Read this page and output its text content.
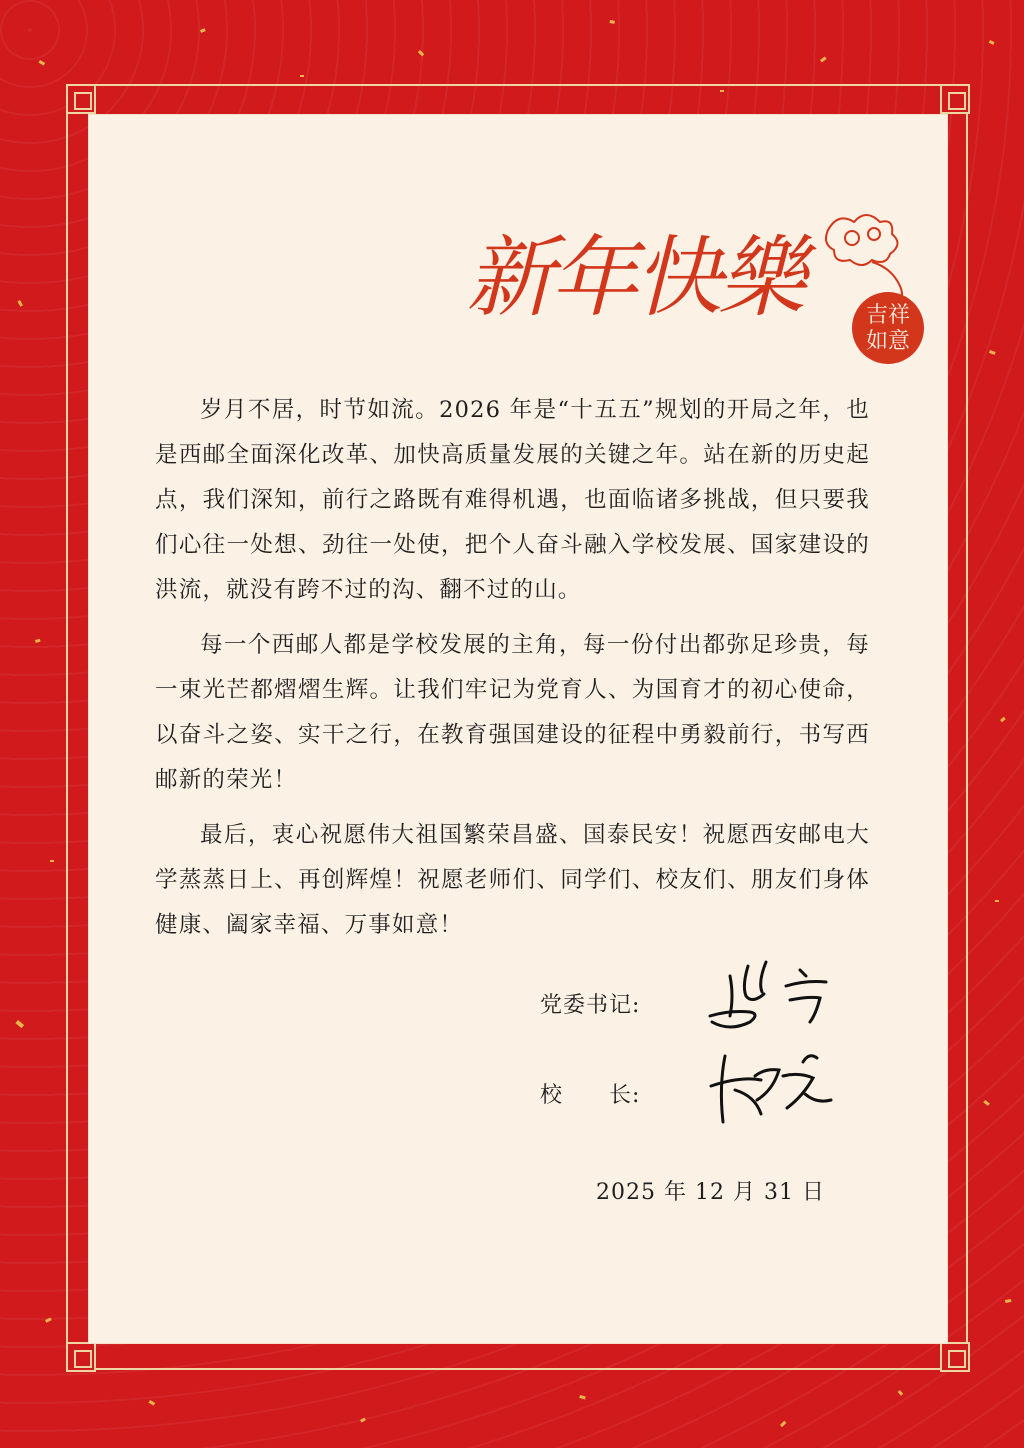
新年快樂	吉祥
如意

岁月不居，时节如流。2026 年是“十五五”规划的开局之年，也是西邮全面深化改革、加快高质量发展的关键之年。站在新的历史起点，我们深知，前行之路既有难得机遇，也面临诸多挑战，但只要我们心往一处想、劲往一处使，把个人奋斗融入学校发展、国家建设的洪流，就没有跨不过的沟、翻不过的山。

每一个西邮人都是学校发展的主角，每一份付出都弥足珍贵，每一束光芒都熠熠生辉。让我们牢记为党育人、为国育才的初心使命，以奋斗之姿、实干之行，在教育强国建设的征程中勇毅前行，书写西邮新的荣光！

最后，衷心祝愿伟大祖国繁荣昌盛、国泰民安！祝愿西安邮电大学蒸蒸日上、再创辉煌！祝愿老师们、同学们、校友们、朋友们身体健康、阖家幸福、万事如意！

党委书记:
校　　长:
2025 年 12 月 31 日
